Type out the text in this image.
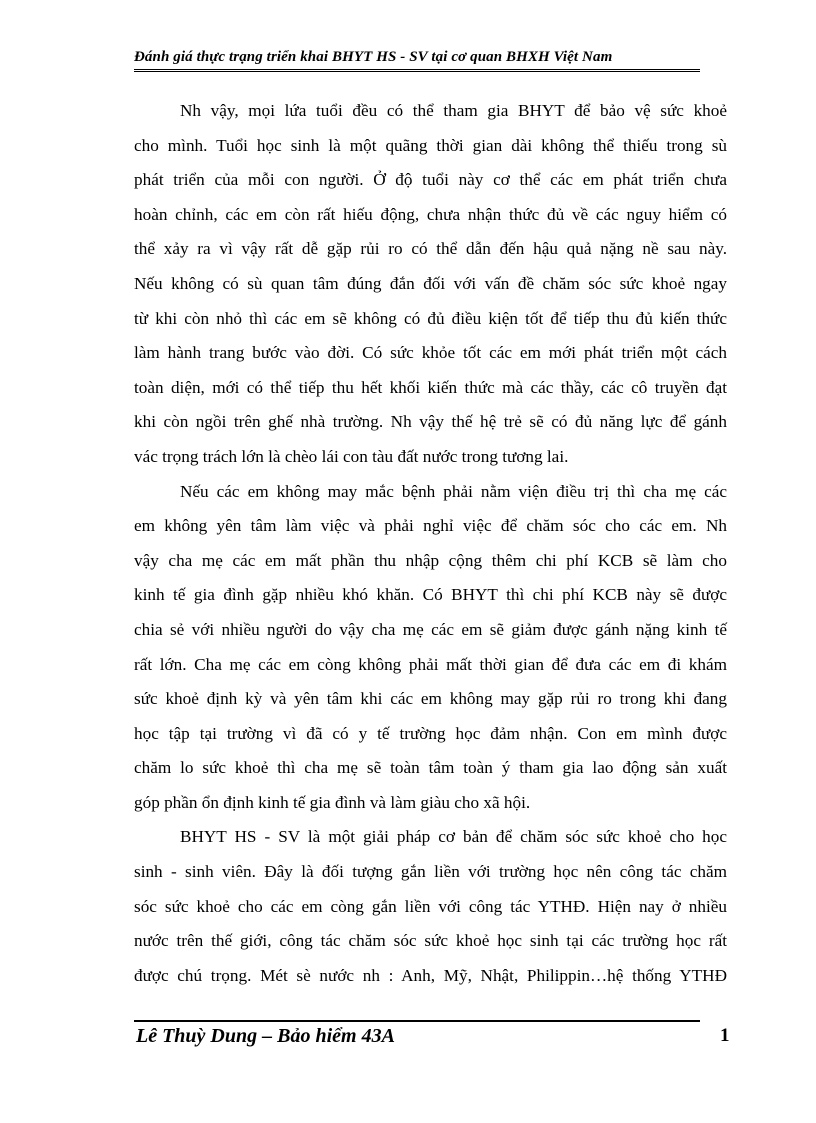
Đánh giá thực trạng triển khai BHYT HS - SV tại cơ quan BHXH Việt Nam
Nh vậy, mọi lứa tuổi đều có thể tham gia BHYT để bảo vệ sức khoẻ
cho mình. Tuổi học sinh là một quãng thời gian dài không thể thiếu trong sù
phát triển của mỗi con người. Ở độ tuổi này cơ thể các em phát triển chưa
hoàn chỉnh, các em còn rất hiếu động, chưa nhận thức đủ về các nguy hiểm có
thể xảy ra vì vậy rất dễ gặp rủi ro có thể dẫn đến hậu quả nặng nề sau này.
Nếu không có sù quan tâm đúng đắn đối với vấn đề chăm sóc sức khoẻ ngay
từ khi còn nhỏ thì các em sẽ không có đủ điều kiện tốt để tiếp thu đủ kiến thức
làm hành trang bước vào đời. Có sức khỏe tốt các em mới phát triển một cách
toàn diện, mới có thể tiếp thu hết khối kiến thức mà các thầy, các cô truyền đạt
khi còn ngồi trên ghế nhà trường. Nh vậy thế hệ trẻ sẽ có đủ năng lực để gánh
vác trọng trách lớn là chèo lái con tàu đất nước trong tương lai.
Nếu các em không may mắc bệnh phải nằm viện điều trị thì cha mẹ các
em không yên tâm làm việc và phải nghỉ việc để chăm sóc cho các em. Nh
vậy cha mẹ các em mất phần thu nhập cộng thêm chi phí KCB sẽ làm cho
kinh tế gia đình gặp nhiều khó khăn. Có BHYT thì chi phí KCB này sẽ được
chia sẻ với nhiều người do vậy cha mẹ các em sẽ giảm được gánh nặng kinh tế
rất lớn. Cha mẹ các em còng không phải mất thời gian để đưa các em đi khám
sức khoẻ định kỳ và yên tâm khi các em không may gặp rủi ro trong khi đang
học tập tại trường vì đã có y tế trường học đảm nhận. Con em mình được
chăm lo sức khoẻ thì cha mẹ sẽ toàn tâm toàn ý tham gia lao động sản xuất
góp phần ổn định kinh tế gia đình và làm giàu cho xã hội.
BHYT HS - SV là một giải pháp cơ bản để chăm sóc sức khoẻ cho học
sinh - sinh viên. Đây là đối tượng gắn liền với trường học nên công tác chăm
sóc sức khoẻ cho các em còng gắn liền với công tác YTHĐ. Hiện nay ở nhiều
nước trên thế giới, công tác chăm sóc sức khoẻ học sinh tại các trường học rất
được chú trọng. Mét sè nước nh : Anh, Mỹ, Nhật, Philippin…hệ thống YTHĐ
Lê Thuỳ Dung – Bảo hiểm 43A	1
